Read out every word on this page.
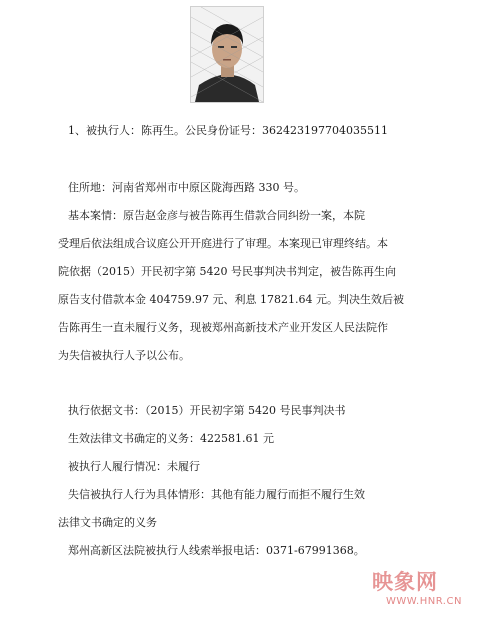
1、被执行人：陈再生。公民身份证号：362423197704035511
住所地：河南省郑州市中原区陇海西路 330 号。
基本案情：原告赵金彦与被告陈再生借款合同纠纷一案，本院
受理后依法组成合议庭公开开庭进行了审理。本案现已审理终结。本
院依据（2015）开民初字第 5420 号民事判决书判定，被告陈再生向
原告支付借款本金 404759.97 元、利息 17821.64 元。判决生效后被
告陈再生一直未履行义务，现被郑州高新技术产业开发区人民法院作
为失信被执行人予以公布。
执行依据文书：（2015）开民初字第 5420 号民事判决书
生效法律文书确定的义务：422581.61 元
被执行人履行情况：未履行
失信被执行人行为具体情形：其他有能力履行而拒不履行生效
法律文书确定的义务
郑州高新区法院被执行人线索举报电话：0371-67991368。
映象网
WWW.HNR.CN
